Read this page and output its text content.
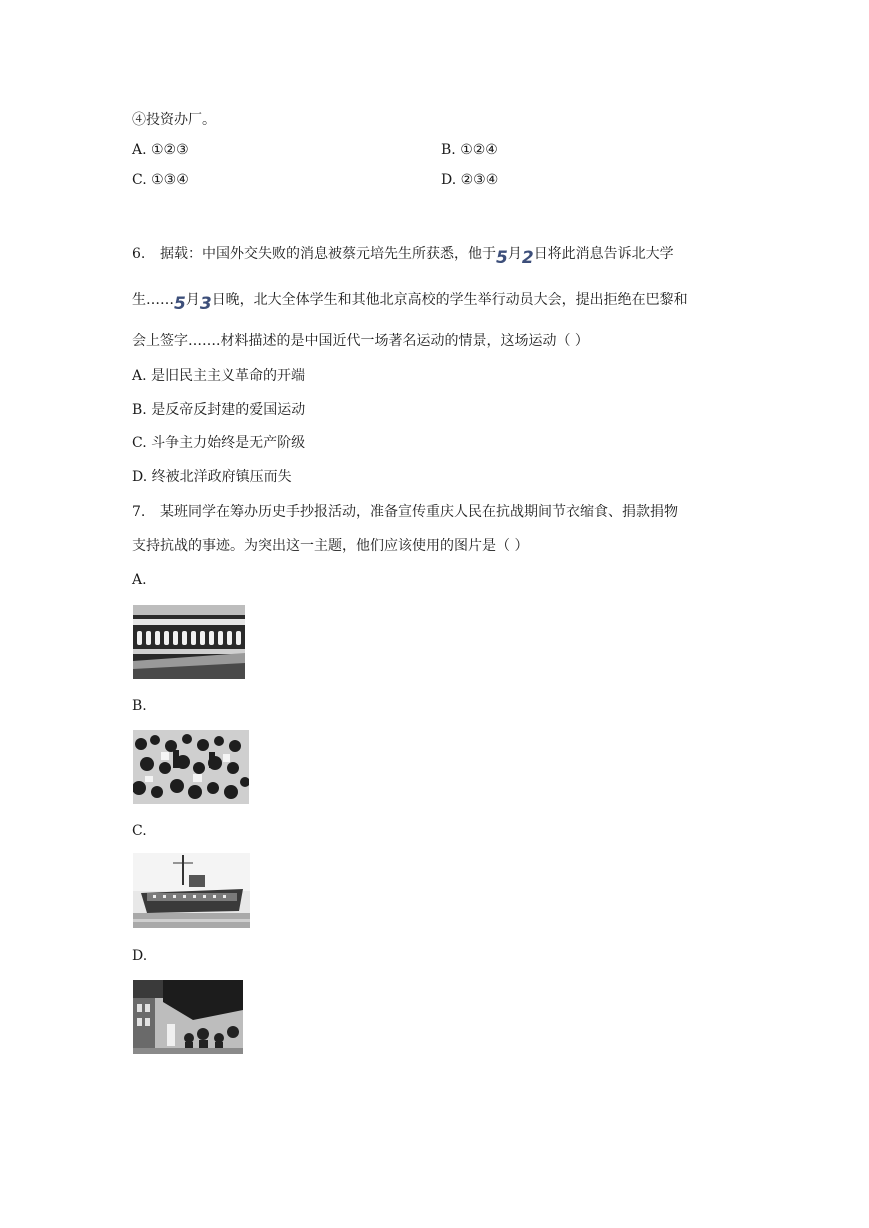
④投资办厂。
A. ①②③	B. ①②④
C. ①③④	D. ②③④
6. 据载：中国外交失败的消息被蔡元培先生所获悉，他于5月2日将此消息告诉北大学
生……5月3日晚，北大全体学生和其他北京高校的学生举行动员大会，提出拒绝在巴黎和
会上签字…….材料描述的是中国近代一场著名运动的情景，这场运动（ ）
A. 是旧民主主义革命的开端
B. 是反帝反封建的爱国运动
C. 斗争主力始终是无产阶级
D. 终被北洋政府镇压而失
7. 某班同学在筹办历史手抄报活动，准备宣传重庆人民在抗战期间节衣缩食、捐款捐物
支持抗战的事迹。为突出这一主题，他们应该使用的图片是（ ）
A.
B.
C.
D.
